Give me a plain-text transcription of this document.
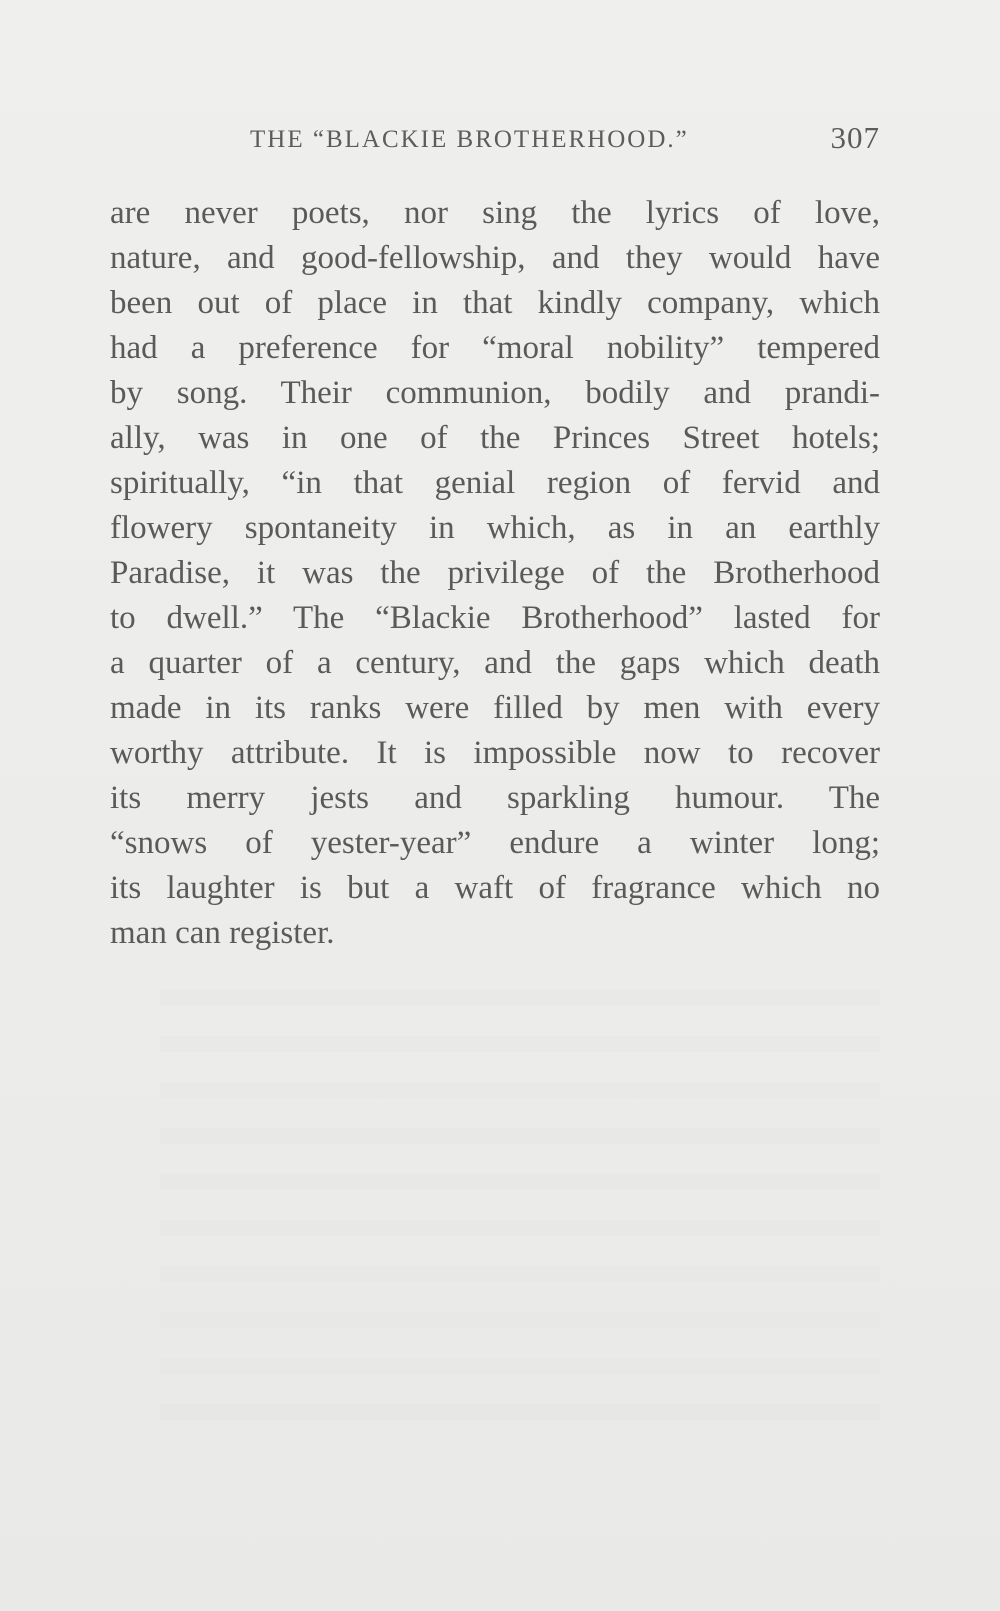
THE “BLACKIE BROTHERHOOD.”	307
are never poets, nor sing the lyrics of love,
nature, and good-fellowship, and they would have
been out of place in that kindly company, which
had a preference for “moral nobility” tempered
by song. Their communion, bodily and prandi-
ally, was in one of the Princes Street hotels;
spiritually, “in that genial region of fervid and
flowery spontaneity in which, as in an earthly
Paradise, it was the privilege of the Brotherhood
to dwell.” The “Blackie Brotherhood” lasted for
a quarter of a century, and the gaps which death
made in its ranks were filled by men with every
worthy attribute. It is impossible now to recover
its merry jests and sparkling humour. The
“snows of yester-year” endure a winter long;
its laughter is but a waft of fragrance which no
man can register.
